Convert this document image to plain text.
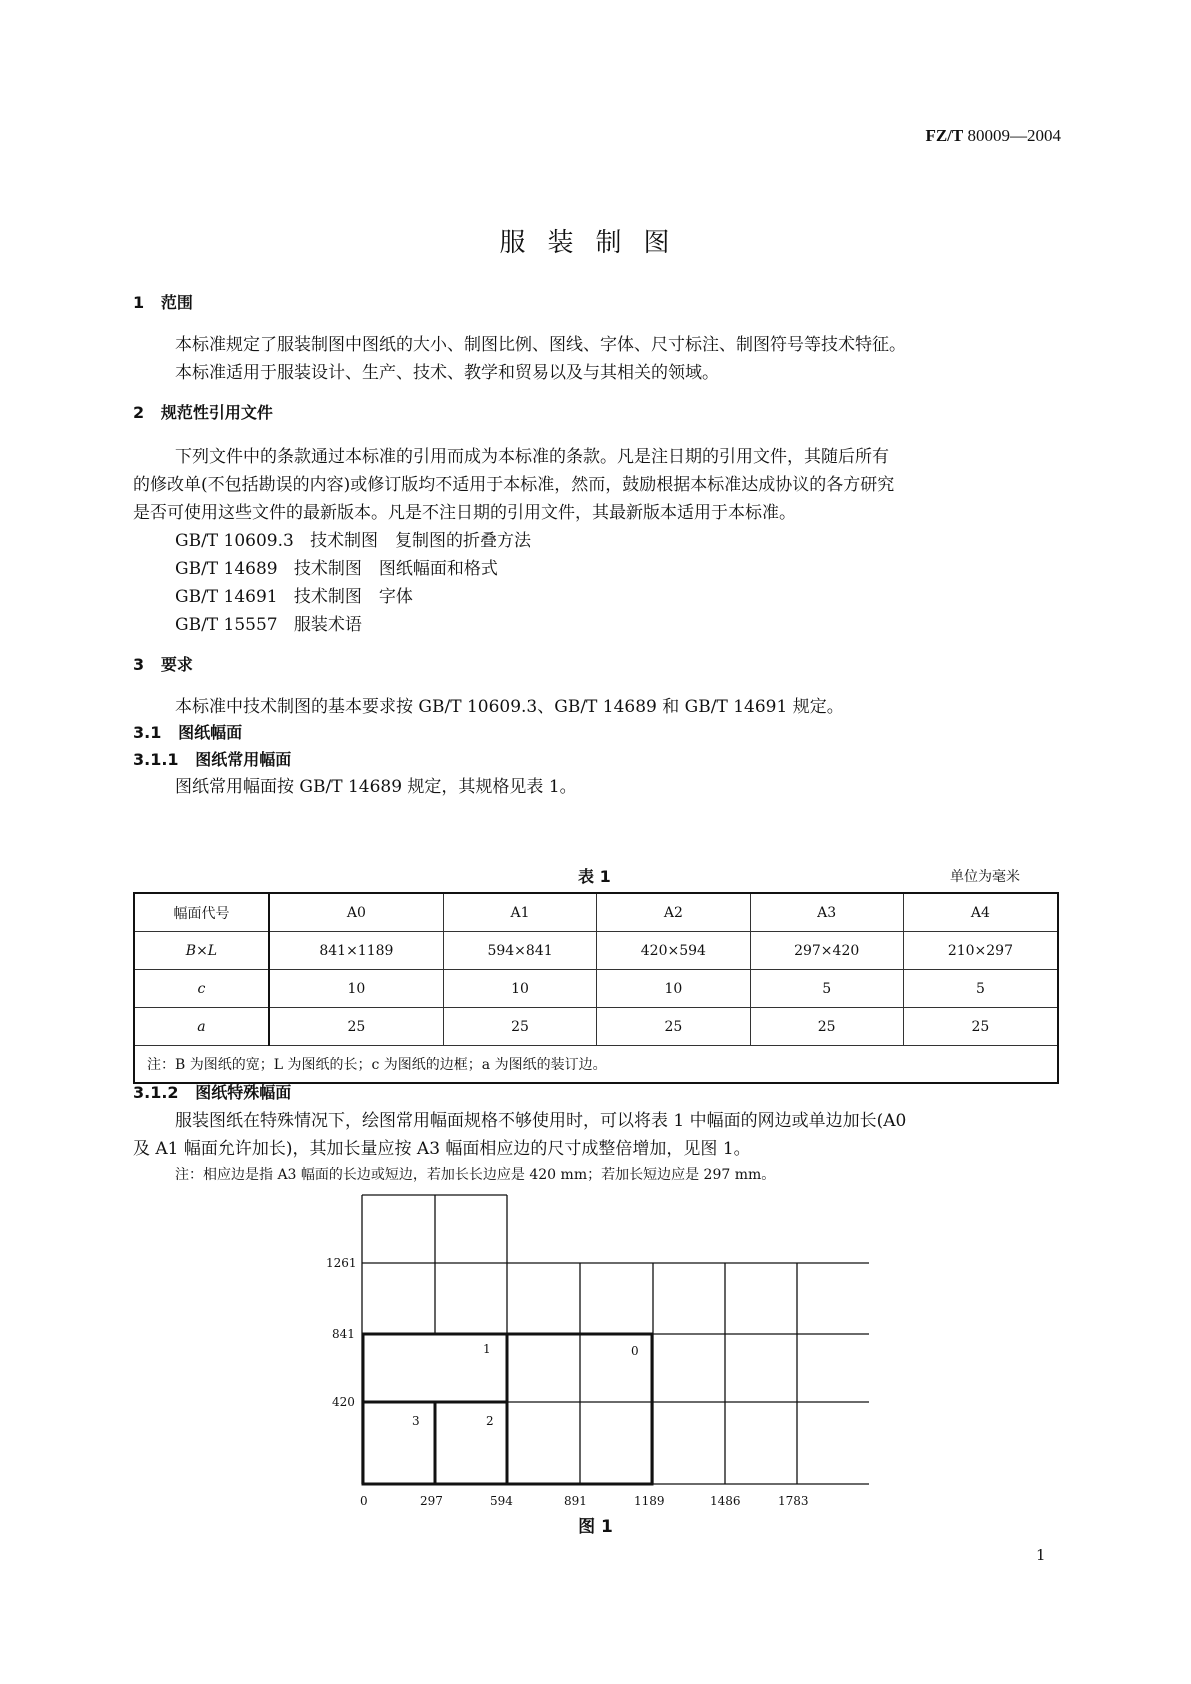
FZ/T 80009—2004
服装制图
1 范围
本标准规定了服装制图中图纸的大小、制图比例、图线、字体、尺寸标注、制图符号等技术特征。
本标准适用于服装设计、生产、技术、教学和贸易以及与其相关的领域。
2 规范性引用文件
下列文件中的条款通过本标准的引用而成为本标准的条款。凡是注日期的引用文件，其随后所有
的修改单(不包括勘误的内容)或修订版均不适用于本标准，然而，鼓励根据本标准达成协议的各方研究
是否可使用这些文件的最新版本。凡是不注日期的引用文件，其最新版本适用于本标准。
GB/T 10609.3 技术制图　复制图的折叠方法
GB/T 14689 技术制图　图纸幅面和格式
GB/T 14691 技术制图　字体
GB/T 15557 服装术语
3 要求
本标准中技术制图的基本要求按 GB/T 10609.3、GB/T 14689 和 GB/T 14691 规定。
3.1 图纸幅面
3.1.1 图纸常用幅面
图纸常用幅面按 GB/T 14689 规定，其规格见表 1。
表 1	单位为毫米
幅面代号	A0	A1	A2	A3	A4
B×L	841×1189	594×841	420×594	297×420	210×297
c	10	10	10	5	5
a	25	25	25	25	25
注：B 为图纸的宽；L 为图纸的长；c 为图纸的边框；a 为图纸的装订边。					
3.1.2 图纸特殊幅面
服装图纸在特殊情况下，绘图常用幅面规格不够使用时，可以将表 1 中幅面的网边或单边加长(A0
及 A1 幅面允许加长)，其加长量应按 A3 幅面相应边的尺寸成整倍增加，见图 1。
注：相应边是指 A3 幅面的长边或短边，若加长长边应是 420 mm；若加长短边应是 297 mm。
1261
841
420
0	297	594	891	1189	1486	1783
1	0
3	2
图 1
1
